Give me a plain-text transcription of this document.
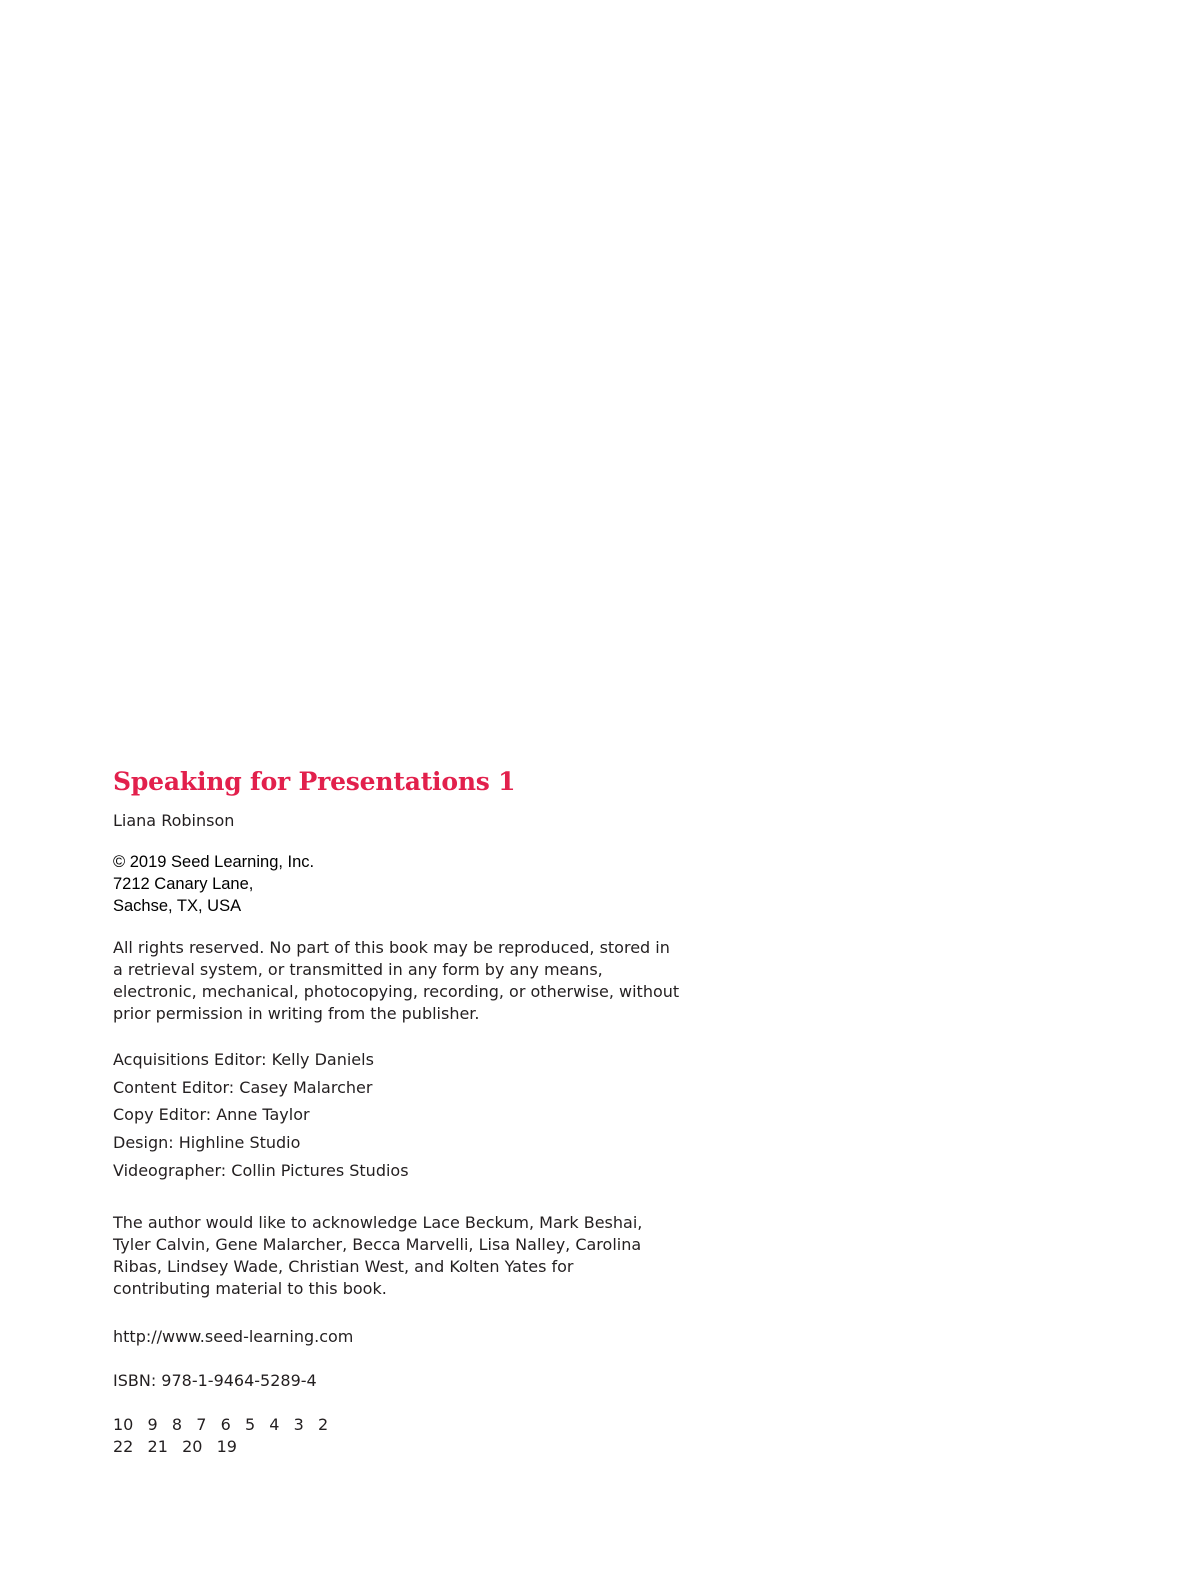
Speaking for Presentations 1

Liana Robinson

© 2019 Seed Learning, Inc.
7212 Canary Lane,
Sachse, TX, USA

All rights reserved. No part of this book may be reproduced, stored in a retrieval system, or transmitted in any form by any means, electronic, mechanical, photocopying, recording, or otherwise, without prior permission in writing from the publisher.

Acquisitions Editor: Kelly Daniels
Content Editor: Casey Malarcher
Copy Editor: Anne Taylor
Design: Highline Studio
Videographer: Collin Pictures Studios

The author would like to acknowledge Lace Beckum, Mark Beshai, Tyler Calvin, Gene Malarcher, Becca Marvelli, Lisa Nalley, Carolina Ribas, Lindsey Wade, Christian West, and Kolten Yates for contributing material to this book.

http://www.seed-learning.com

ISBN: 978-1-9464-5289-4

10  9  8  7  6  5  4  3  2
22  21  20  19
